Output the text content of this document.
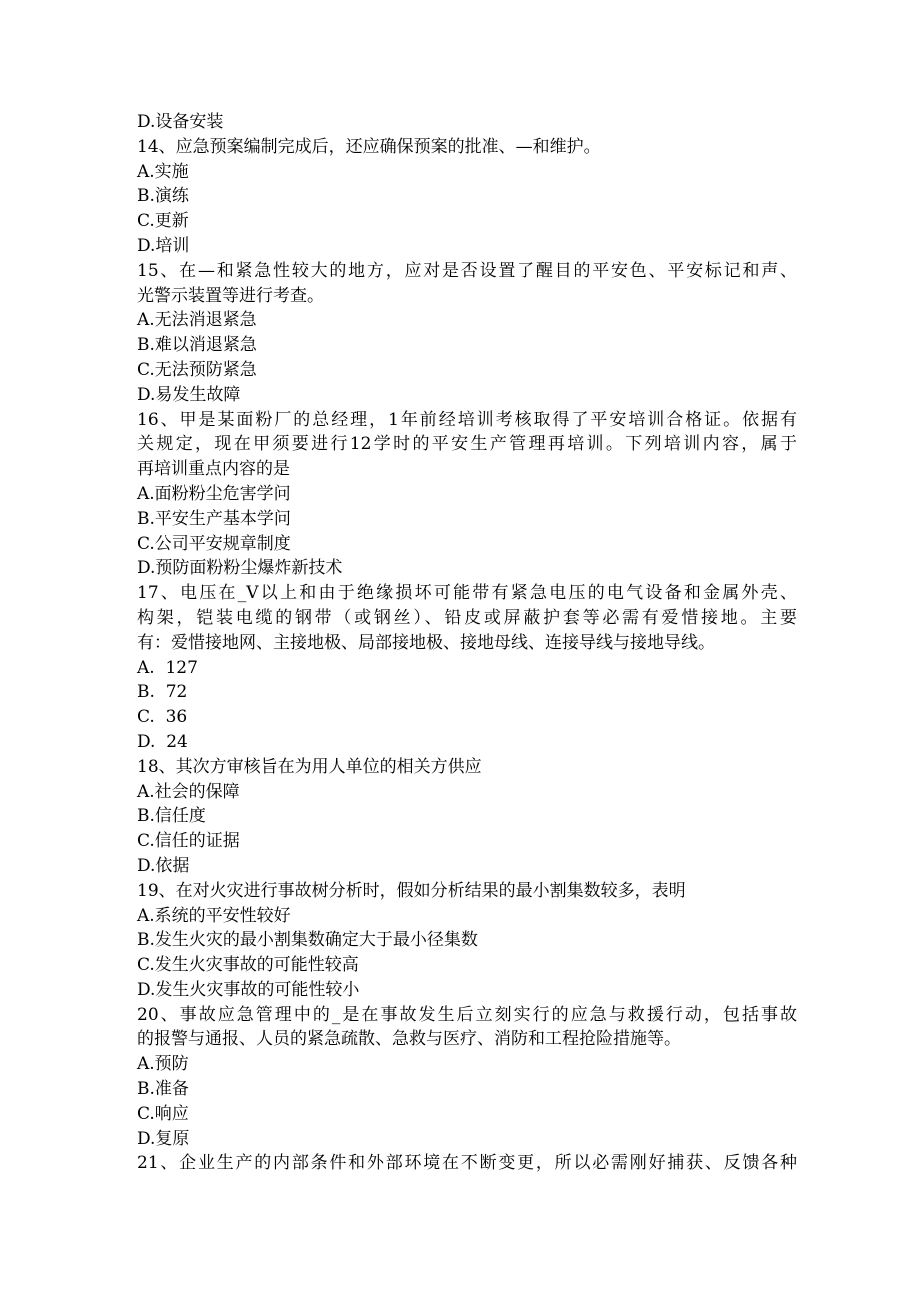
D.设备安装
14、应急预案编制完成后，还应确保预案的批准、—和维护。
A.实施
B.演练
C.更新
D.培训
15、在—和紧急性较大的地方，应对是否设置了醒目的平安色、平安标记和声、
光警示装置等进行考查。
A.无法消退紧急
B.难以消退紧急
C.无法预防紧急
D.易发生故障
16、甲是某面粉厂的总经理，1年前经培训考核取得了平安培训合格证。依据有
关规定，现在甲须要进行12学时的平安生产管理再培训。下列培训内容，属于
再培训重点内容的是
A.面粉粉尘危害学问
B.平安生产基本学问
C.公司平安规章制度
D.预防面粉粉尘爆炸新技术
17、电压在_V以上和由于绝缘损坏可能带有紧急电压的电气设备和金属外壳、
构架，铠装电缆的钢带（或钢丝）、铅皮或屏蔽护套等必需有爱惜接地。主要
有：爱惜接地网、主接地极、局部接地极、接地母线、连接导线与接地导线。
A.  127
B.  72
C.  36
D.  24
18、其次方审核旨在为用人单位的相关方供应
A.社会的保障
B.信任度
C.信任的证据
D.依据
19、在对火灾进行事故树分析时，假如分析结果的最小割集数较多，表明
A.系统的平安性较好
B.发生火灾的最小割集数确定大于最小径集数
C.发生火灾事故的可能性较高
D.发生火灾事故的可能性较小
20、事故应急管理中的_是在事故发生后立刻实行的应急与救援行动，包括事故
的报警与通报、人员的紧急疏散、急救与医疗、消防和工程抢险措施等。
A.预防
B.准备
C.响应
D.复原
21、企业生产的内部条件和外部环境在不断变更，所以必需刚好捕获、反馈各种
